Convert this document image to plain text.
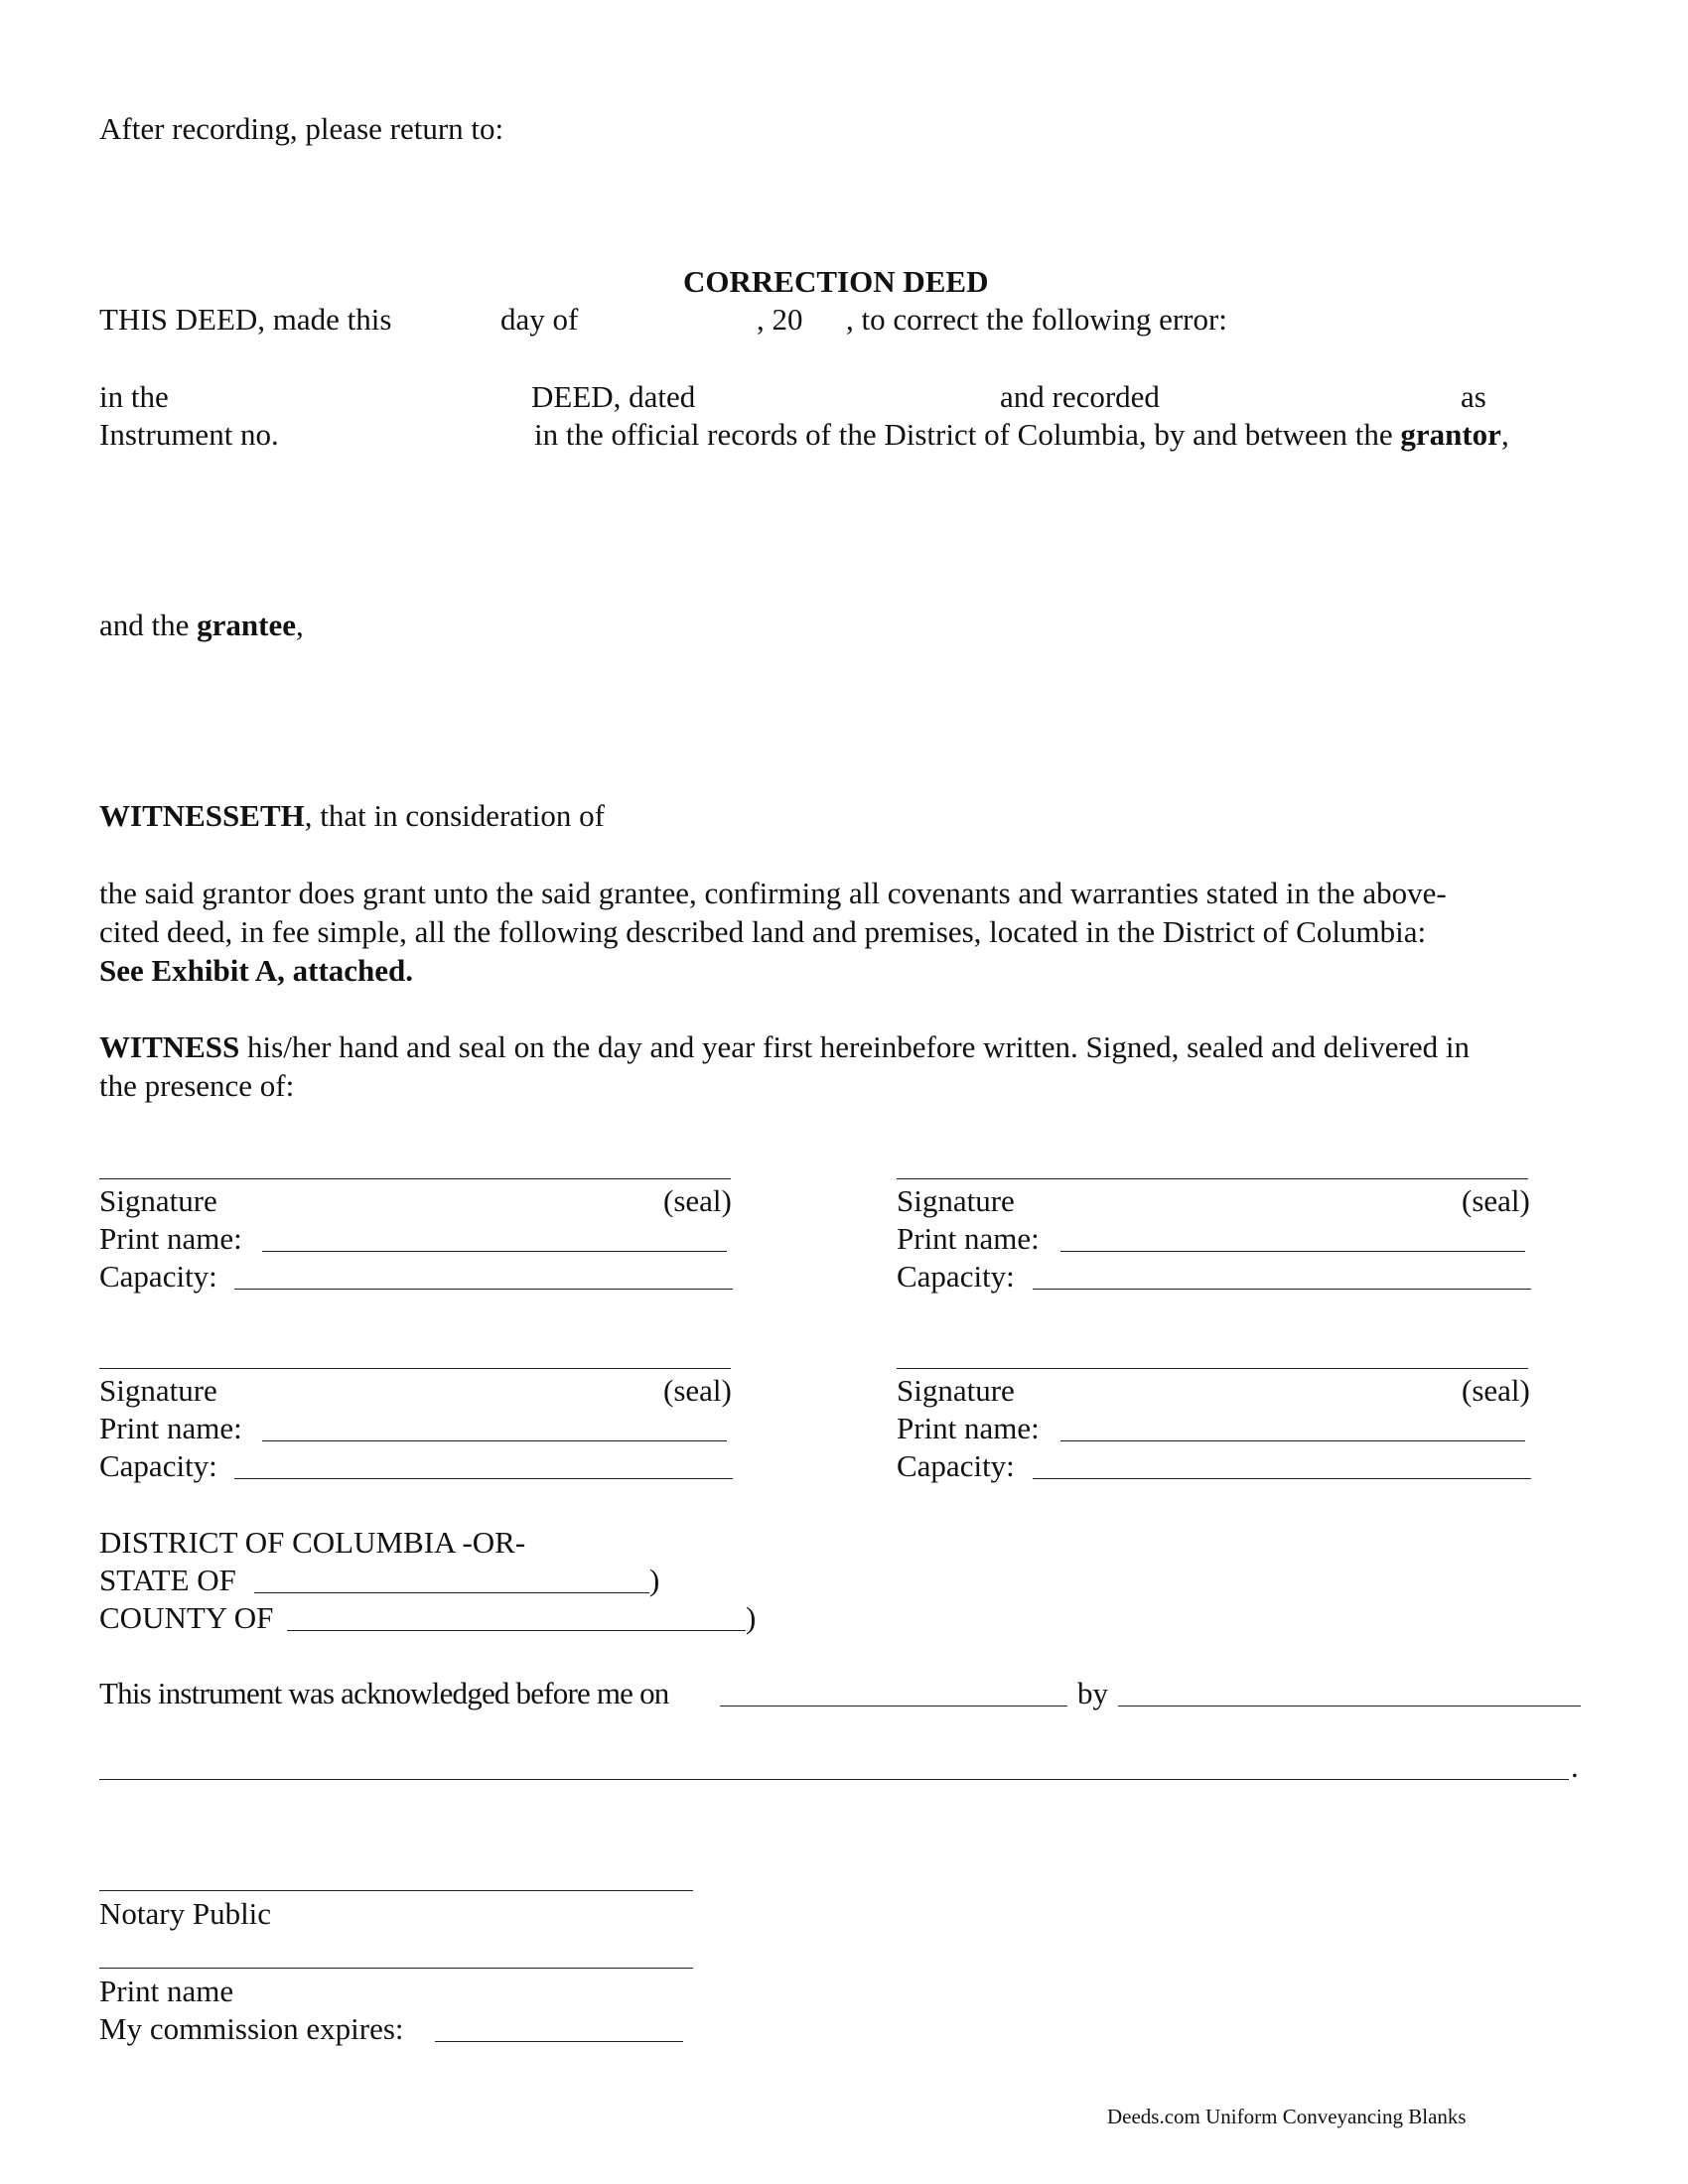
After recording, please return to:
CORRECTION DEED
THIS DEED, made this	day of	, 20 , to correct the following error:
in the	DEED, dated	and recorded	as
Instrument no.	in the official records of the District of Columbia, by and between the grantor,
and the grantee,
WITNESSETH, that in consideration of
the said grantor does grant unto the said grantee, confirming all covenants and warranties stated in the above-
cited deed, in fee simple, all the following described land and premises, located in the District of Columbia:
See Exhibit A, attached.
WITNESS his/her hand and seal on the day and year first hereinbefore written. Signed, sealed and delivered in
the presence of:
Signature	(seal)
Print name:
Capacity:
Signature	(seal)
Print name:
Capacity:
Signature	(seal)
Print name:
Capacity:
Signature	(seal)
Print name:
Capacity:
DISTRICT OF COLUMBIA -OR-
STATE OF	)
COUNTY OF	)
This instrument was acknowledged before me on	by
.
Notary Public
Print name
My commission expires:
Deeds.com Uniform Conveyancing Blanks
